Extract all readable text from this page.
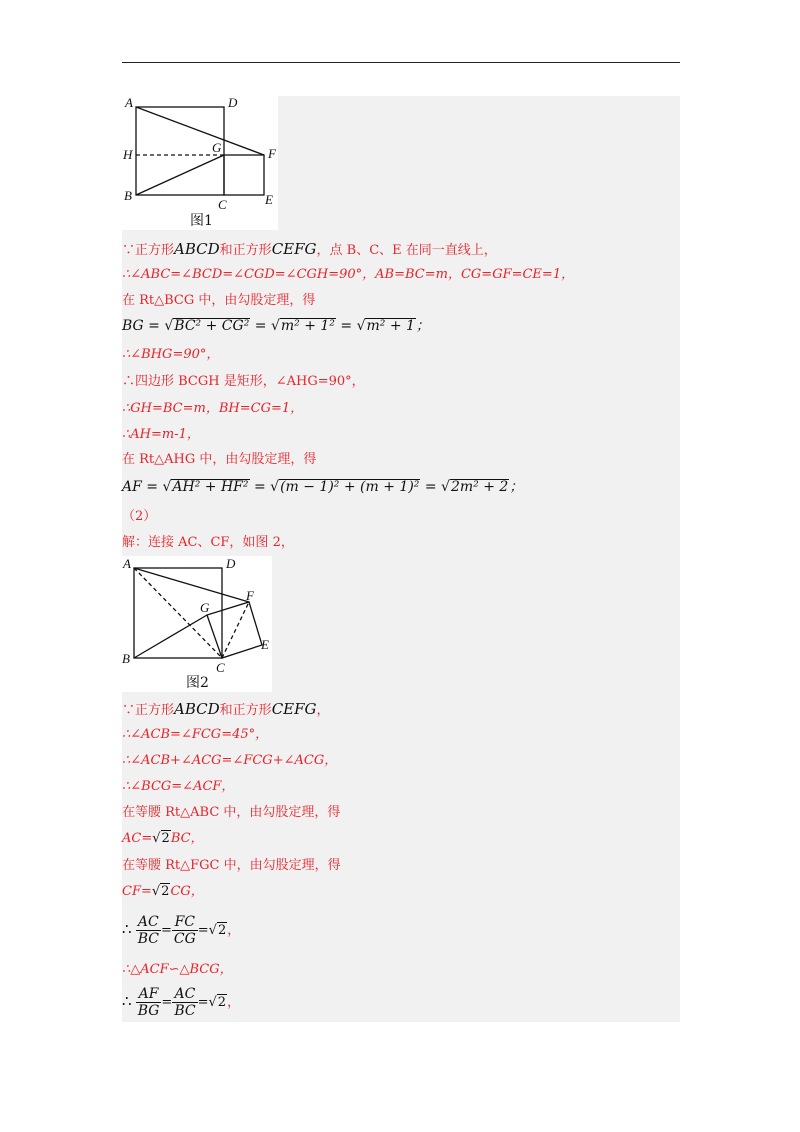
A	D
H	G	F
B
C	E
图1
∵正方形ABCD和正方形CEFG，点 B、C、E 在同一直线上，
∴∠ABC=∠BCD=∠CGD=∠CGH=90°，AB=BC=m，CG=GF=CE=1，
在 Rt△BCG 中，由勾股定理，得
BG = √BC² + CG² = √m² + 1² = √m² + 1；
∴∠BHG=90°，
∴四边形 BCGH 是矩形，∠AHG=90°，
∴GH=BC=m，BH=CG=1，
∴AH=m-1，
在 Rt△AHG 中，由勾股定理，得
AF = √AH² + HF² = √(m − 1)² + (m + 1)² = √2m² + 2；
（2）
解：连接 AC、CF，如图 2，
A	D
G
F
B
C
E
图2
∵正方形ABCD和正方形CEFG，
∴∠ACB=∠FCG=45°，
∴∠ACB+∠ACG=∠FCG+∠ACG，
∴∠BCG=∠ACF，
在等腰 Rt△ABC 中，由勾股定理，得
AC=√2BC，
在等腰 Rt△FGC 中，由勾股定理，得
CF=√2CG，
∴ $\frac{AC}{BC} = \frac{FC}{CG} =√2$，
∴△ACF∽△BCG，
∴ $\frac{AF}{BG} = \frac{AC}{BC} =√2$，
